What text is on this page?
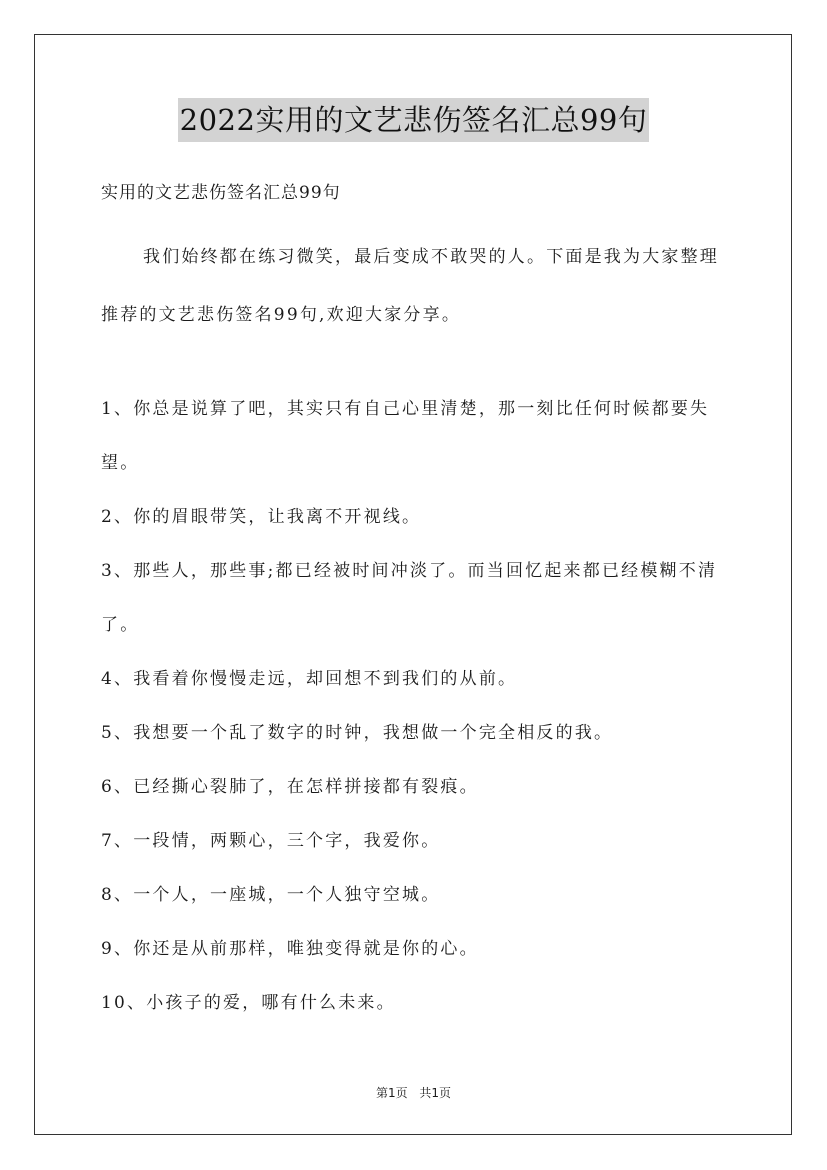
2022实用的文艺悲伤签名汇总99句
实用的文艺悲伤签名汇总99句

我们始终都在练习微笑，最后变成不敢哭的人。下面是我为大家整理推荐的文艺悲伤签名99句,欢迎大家分享。

1、你总是说算了吧，其实只有自己心里清楚，那一刻比任何时候都要失望。
2、你的眉眼带笑，让我离不开视线。
3、那些人，那些事;都已经被时间冲淡了。而当回忆起来都已经模糊不清了。
4、我看着你慢慢走远，却回想不到我们的从前。
5、我想要一个乱了数字的时钟，我想做一个完全相反的我。
6、已经撕心裂肺了，在怎样拼接都有裂痕。
7、一段情，两颗心，三个字，我爱你。
8、一个人，一座城，一个人独守空城。
9、你还是从前那样，唯独变得就是你的心。
10、小孩子的爱，哪有什么未来。
第1页 共1页
